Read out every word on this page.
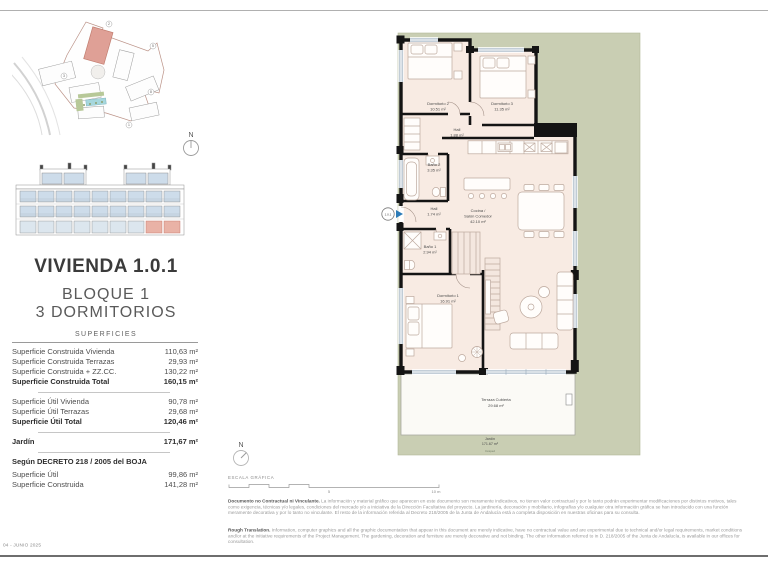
2
5
3
8
1
N
VIVIENDA 1.0.1
BLOQUE 1
3 DORMITORIOS
SUPERFICIES
Superficie Construida Vivienda	110,63 m²
Superficie Construida Terrazas	29,93 m²
Superficie Construida + ZZ.CC.	130,22 m²
Superficie Construida Total	160,15 m²
Superficie Útil Vivienda	90,78 m²
Superficie Útil Terrazas	29,68 m²
Superficie Útil Total	120,46 m²
Jardín	171,67 m²
Según DECRETO 218 / 2005 del BOJA
Superficie Útil	99,86 m²
Superficie Construida	141,28 m²
Dormitorio 2
10.51 m²
Dormitorio 3
11.35 m²
Hall
1.88 m²
Baño 2
3.35 m²
Hall
1.74 m²
Cocina /
Salón Comedor
42.10 m²
Baño 1
2.94 m²
Dormitorio 1
16.91 m²
Terraza Cubierta
29.68 m²
Jardín
171.67 m²
Césped
1.0.1
N
ESCALA GRÁFICA
5	10 m
Documento no Contractual ni Vinculante. La información y material gráfico que aparecen en este documento son meramente indicativos, no tienen valor contractual y por lo tanto podrán experimentar modificaciones por distintos motivos, tales como exigencia, técnicas y/o legales, condiciones del mercado y/o a iniciativa de la Dirección Facultativa del proyecto. La jardinería, decoración y mobiliario, infografías y/o cualquier otra información gráfica se han introducido con una función meramente decorativa y por lo tanto no vinculante. El resto de la información referida al Decreto 218/2005 de la Junta de Andalucía está a completa disposición en nuestras oficinas para su consulta.
Rough Translation. Information, computer graphics and all the graphic documentation that appear in this document are merely indicative, have no contractual value and are experimental due to technical and/or legal requirements, market conditions and/or at the initiative requirements of the Project Management. The gardening, decoration and furniture are merely decorative and not binding. The other information referred to in D. 218/2005 of the Junta de Andalucía, is available in our offices for consultation.
04 - JUNIO 2025
